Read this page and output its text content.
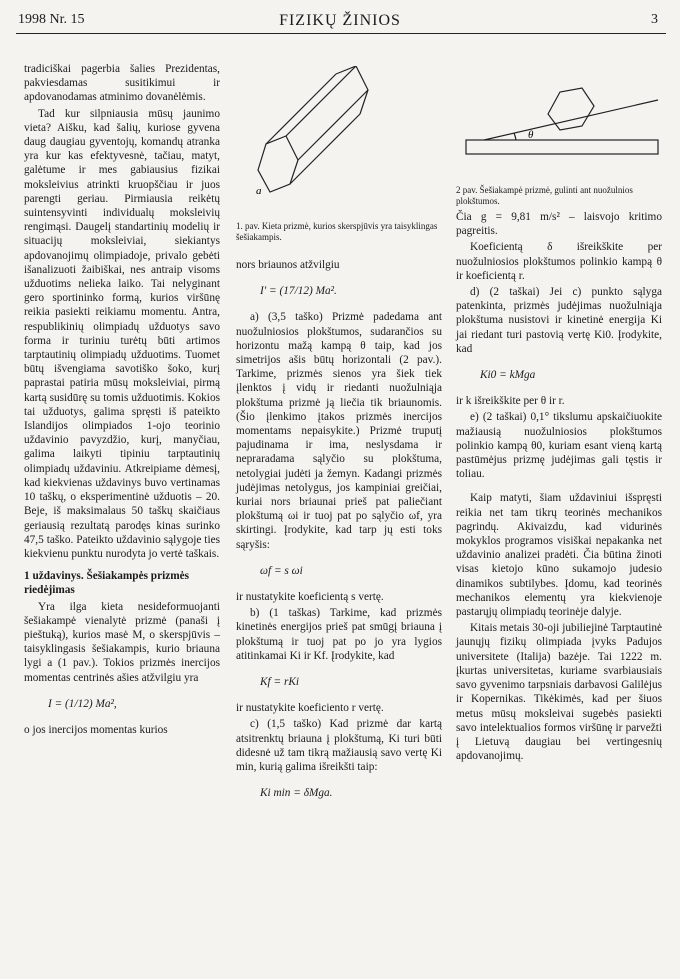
1998 Nr. 15	FIZIKŲ ŽINIOS	3

tradiciškai pagerbia šalies Prezidentas, pakviesdamas susitikimui ir apdovanodamas atminimo dovanėlėmis.

Tad kur silpniausia mūsų jaunimo vieta? Aišku, kad šalių, kuriose gyvena daug daugiau gyventojų, komandų atranka yra kur kas efektyvesnė, tačiau, matyt, galėtume ir mes gabiausius fizikai moksleivius atrinkti kruopščiau ir juos parengti geriau. Pirmiausia reikėtų suintensyvinti individualų moksleivių rengimąsi. Daugelį standartinių modelių ir situacijų moksleiviai, siekiantys apdovanojimų olimpiadoje, privalo gebėti išanalizuoti žaibiškai, nes antraip visoms užduotims neliekа laiko. Tai nelyginant gero sportininko formą, kurios viršūnę reikia pasiekti reikiamu momentu. Antra, respublikinių olimpiadų užduotys savo forma ir turiniu turėtų būti artimos tarptautinių olimpiadų užduotims. Tuomet būtų išvengiama savotiško šoko, kurį paprastai patiria mūsų moksleiviai, pirmą kartą susidūrę su tomis užduotimis. Kokios tai užduotys, galima spręsti iš pateikto Islandijos olimpiados 1-ojo teorinio uždavinio pavyzdžio, kurį, manyčiau, galima laikyti tipiniu tarptautinių olimpiadų uždaviniu. Atkreipiame dėmesį, kad kiekvienas uždavinys buvo vertinamas 10 taškų, o eksperimentinė užduotis – 20. Beje, iš maksimalaus 50 taškų skaičiaus geriausią rezultatą parodęs kinas surinko 47,5 taško. Pateikto uždavinio sąlygoje ties kiekvienu punktu nurodyta jo vertė taškais.

1 uždavinys. Šešiakampės prizmės riedėjimas

Yra ilga kieta nesideformuojanti šešiakampė vienalytė prizmė (panaši į pieštuką), kurios masė M, o skerspjūvis – taisyklingasis šešiakampis, kurio briauna lygi a (1 pav.). Tokios prizmės inercijos momentas centrinės ašies atžvilgiu yra

I = (1/12) Ma²,

o jos inercijos momentas kurios

a
1. pav. Kieta prizmė, kurios skerspjūvis yra taisyklingas šešiakampis.

nors briaunos atžvilgiu

I′ = (17/12) Ma².

a) (3,5 taško) Prizmė padedama ant nuožulniosios plokštumos, sudarančios su horizontu mažą kampą θ taip, kad jos simetrijos ašis būtų horizontali (2 pav.). Tarkime, prizmės sienos yra šiek tiek įlenktos į vidų ir riedanti nuožulniąja plokštuma prizmė ją liečia tik briaunomis. (Šio įlenkimo įtakos prizmės inercijos momentams nepaisykite.) Prizmė truputį pajudinama ir ima, neslysdama ir nepraradama sąlyčio su plokštuma, netolygiai judėti jа žemyn. Kadangi prizmės judėjimas netolygus, jos kampiniai greičiai, kuriai nors briaunai prieš pat paliečiant plokštumą ωi ir tuoj pat po sąlyčio ωf, yra skirtingi. Įrodykite, kad tarp jų esti toks sąryšis:

ωf = s ωi

ir nustatykite koeficientą s vertę.

b) (1 taškas) Tarkime, kad prizmės kinetinės energijos prieš pat smūgį briauna į plokštumą ir tuoj pat po jo yra lygios atitinkamai Ki ir Kf. Įrodykite, kad

Kf = rKi

ir nustatykite koeficiento r vertę.

c) (1,5 taško) Kad prizmė dar kartą atsitrenktų briauna į plokštumą, Ki turi būti didesnė už tam tikrą mažiausią savo vertę Ki min, kurią galima išreikšti taip:

Ki min = δMga.
θ
2 pav. Šešiakampė prizmė, gulinti ant nuožulnios plokštumos.

Čia g = 9,81 m/s² – laisvojo kritimo pagreitis.

Koeficientą δ išreikškite per nuožulniosios plokštumos polinkio kampą θ ir koeficientą r.

d) (2 taškai) Jei c) punkto sąlyga patenkinta, prizmės judėjimas nuožulniąja plokštuma nusistovi ir kinetinė energija Ki jai riedant turi pastovią vertę Ki0. Įrodykite, kad

Ki0 = kMga

ir k išreikškite per θ ir r.

e) (2 taškai) 0,1° tikslumu apskaičiuokite mažiausią nuožulniosios plokštumos polinkio kampą θ0, kuriam esant vieną kartą pastūmėjus prizmę judėjimas gali tęstis ir toliau.

Kaip matyti, šiam uždaviniui išspręsti reikia net tam tikrų teorinės mechanikos pagrindų. Akivaizdu, kad vidurinės mokyklos programos visiškai nepakanka net uždavinio analizei pradėti. Čia būtina žinoti visas kietojo kūno sukamojo judesio dinamikos subtilybes. Įdomu, kad teorinės mechanikos elementų yra kiekvienoje pastarųjų olimpiadų teorinėje dalyje.

Kitais metais 30-oji jubiliejinė Tarptautinė jaunųjų fizikų olimpiada įvyks Padujos universitete (Italija) bazėje. Tai 1222 m. įkurtas universitetas, kuriame svarbiausiais savo gyvenimo tarpsniais darbavosi Galilėjus ir Kopernikas. Tikėkimės, kad per šiuos metus mūsų moksleivai sugebės pasiekti savo intelektualios formos viršūnę ir parvežti į Lietuvą daugiau bei vertingesnių apdovanojimų.
